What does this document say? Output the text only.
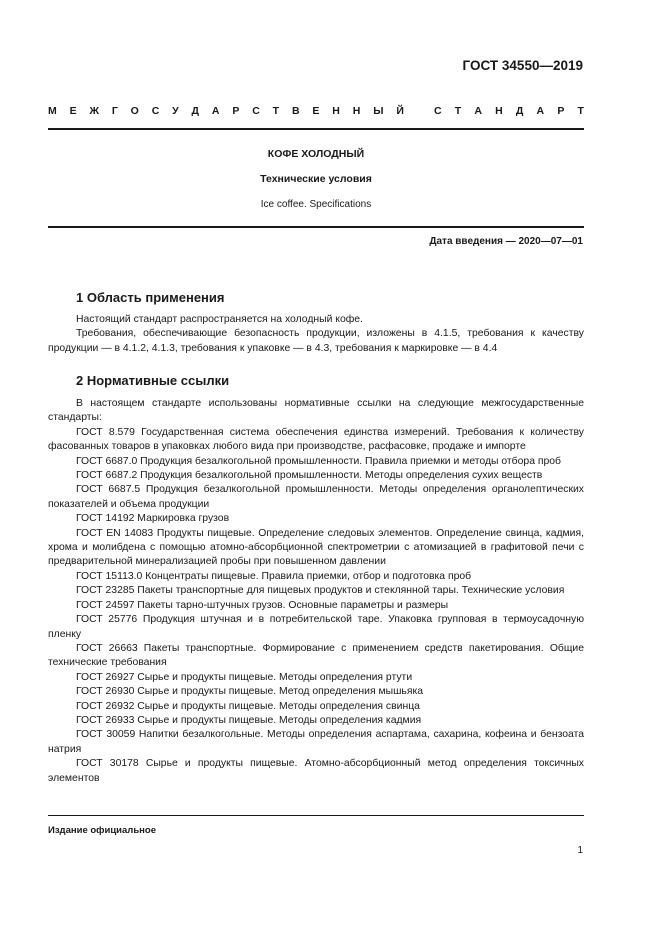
ГОСТ 34550—2019
М Е Ж Г О С У Д А Р С Т В Е Н Н Ы Й	С Т А Н Д А Р Т
КОФЕ ХОЛОДНЫЙ
Технические условия
Ice coffee. Specifications
Дата введения — 2020—07—01
1 Область применения

Настоящий стандарт распространяется на холодный кофе.

Требования, обеспечивающие безопасность продукции, изложены в 4.1.5, требования к качеству продукции — в 4.1.2, 4.1.3, требования к упаковке — в 4.3, требования к маркировке — в 4.4

2 Нормативные ссылки

В настоящем стандарте использованы нормативные ссылки на следующие межгосударственные стандарты:

ГОСТ 8.579 Государственная система обеспечения единства измерений. Требования к количеству фасованных товаров в упаковках любого вида при производстве, расфасовке, продаже и импорте

ГОСТ 6687.0 Продукция безалкогольной промышленности. Правила приемки и методы отбора проб

ГОСТ 6687.2 Продукция безалкогольной промышленности. Методы определения сухих веществ

ГОСТ 6687.5 Продукция безалкогольной промышленности. Методы определения органолептических показателей и объема продукции

ГОСТ 14192 Маркировка грузов

ГОСТ EN 14083 Продукты пищевые. Определение следовых элементов. Определение свинца, кадмия, хрома и молибдена с помощью атомно-абсорбционной спектрометрии с атомизацией в графитовой печи с предварительной минерализацией пробы при повышенном давлении

ГОСТ 15113.0 Концентраты пищевые. Правила приемки, отбор и подготовка проб

ГОСТ 23285 Пакеты транспортные для пищевых продуктов и стеклянной тары. Технические условия

ГОСТ 24597 Пакеты тарно-штучных грузов. Основные параметры и размеры

ГОСТ 25776 Продукция штучная и в потребительской таре. Упаковка групповая в термоусадочную пленку

ГОСТ 26663 Пакеты транспортные. Формирование с применением средств пакетирования. Общие технические требования

ГОСТ 26927 Сырье и продукты пищевые. Методы определения ртути

ГОСТ 26930 Сырье и продукты пищевые. Метод определения мышьяка

ГОСТ 26932 Сырье и продукты пищевые. Методы определения свинца

ГОСТ 26933 Сырье и продукты пищевые. Методы определения кадмия

ГОСТ 30059 Напитки безалкогольные. Методы определения аспартама, сахарина, кофеина и бензоата натрия

ГОСТ 30178 Сырье и продукты пищевые. Атомно-абсорбционный метод определения токсичных элементов

Издание официальное
1
